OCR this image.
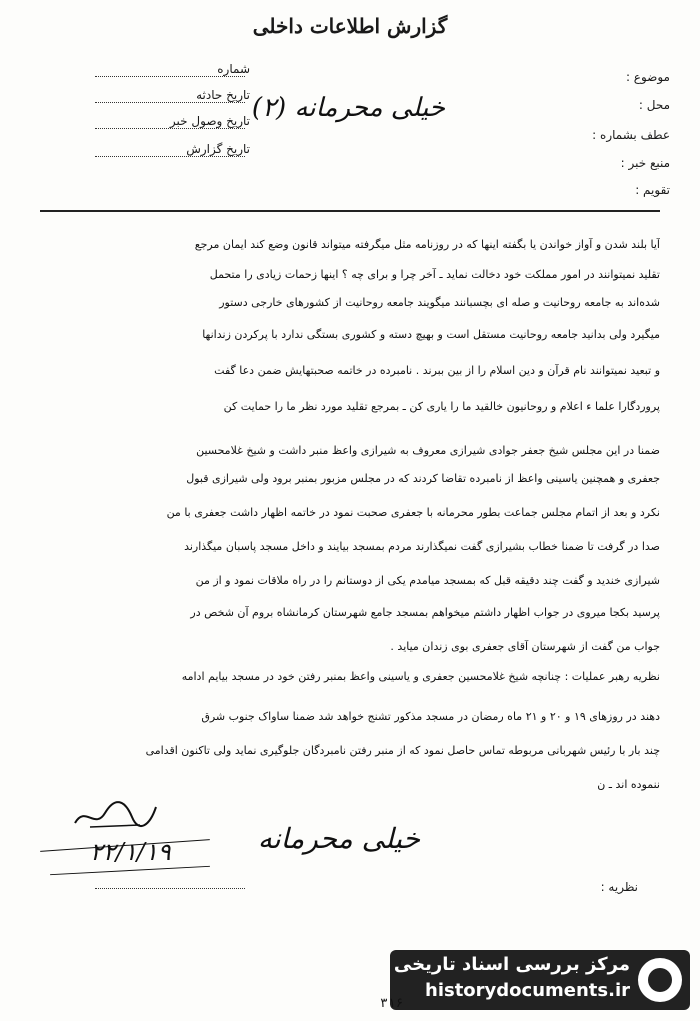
گزارش اطلاعات داخلی
شماره
تاریخ حادثه
تاریخ وصول خبر
تاریخ گزارش
موضوع :
محل :
عطف بشماره :
منبع خبر :
تقویم :
خیلی محرمانه (۲)
آیا بلند شدن و آواز خواندن یا بگفته اینها که در روزنامه مثل میگرفته میتواند قانون وضع کند ایمان مرجع
تقلید نمیتوانند در امور مملکت خود دخالت نماید ـ آخر چرا و برای چه ؟ اینها زحمات زیادی را متحمل
شده‌اند به جامعه روحانیت و صله ای بچسبانند میگویند جامعه روحانیت از کشورهای خارجی دستور
میگیرد ولی بدانید جامعه روحانیت مستقل است و بهیچ دسته و کشوری بستگی ندارد با پرکردن زندانها
و تبعید نمیتوانند نام قرآن و دین اسلام را از بین ببرند . نامبرده در خاتمه صحبتهایش ضمن دعا گفت
پروردگارا علما ء اعلام و روحانیون خالقید ما را یاری کن ـ بمرجع تقلید مورد نظر ما را حمایت کن
ضمنا در این مجلس شیخ جعفر جوادی شیرازی معروف به شیرازی واعظ منبر داشت و شیخ غلامحسین
جعفری و همچنین یاسینی واعظ از نامبرده تقاضا کردند که در مجلس مزبور بمنبر برود ولی شیرازی قبول
نکرد و بعد از اتمام مجلس جماعت بطور محرمانه با جعفری صحبت نمود در خاتمه اظهار داشت جعفری با من
صدا در گرفت تا ضمنا خطاب بشیرازی گفت نمیگذارند مردم بمسجد بیایند و داخل مسجد پاسبان میگذارند
شیرازی خندید و گفت چند دقیقه قبل که بمسجد میامدم یکی از دوستانم را در راه ملاقات نمود و از من
پرسید بکجا میروی در جواب اظهار داشتم میخواهم بمسجد جامع شهرستان کرمانشاه بروم آن شخص در
جواب من گفت از شهرستان آقای جعفری بوی زندان میاید .
نظریه رهبر عملیات : چنانچه شیخ غلامحسین جعفری و یاسینی واعظ بمنبر رفتن خود در مسجد بیایم ادامه
دهند در روزهای ۱۹ و ۲۰ و ۲۱ ماه رمضان در مسجد مذکور تشنج خواهد شد ضمنا ساواک جنوب شرق
چند بار با رئیس شهربانی مربوطه تماس حاصل نمود که از منبر رفتن نامبردگان جلوگیری نماید ولی تاکنون اقدامی
ننموده اند ـ ن
خیلی محرمانه
۲۲/۱/۱۹
نظریه :
مرکز بررسی اسناد تاریخی
historydocuments.ir
۳۱۶
